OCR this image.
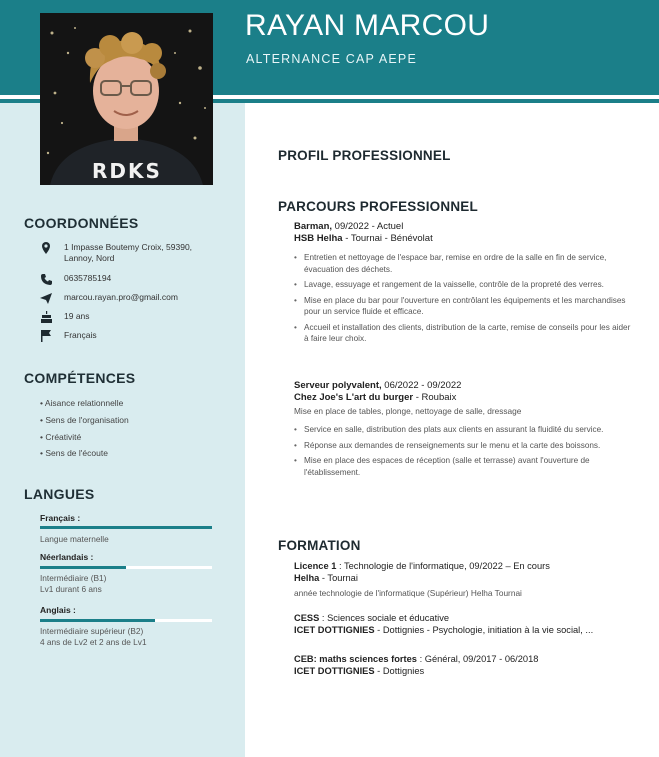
RAYAN MARCOU
ALTERNANCE CAP AEPE
RDKS
COORDONNÉES
1 Impasse Boutemy Croix, 59390,
Lannoy, Nord
0635785194
marcou.rayan.pro@gmail.com
19 ans
Français
COMPÉTENCES
• Aisance relationnelle
• Sens de l'organisation
• Créativité
• Sens de l'écoute
LANGUES
Français :
Langue maternelle
Néerlandais :
Intermédiaire (B1)
Lv1 durant 6 ans
Anglais :
Intermédiaire supérieur (B2)
4 ans de Lv2 et 2 ans de Lv1
PROFIL PROFESSIONNEL
PARCOURS PROFESSIONNEL
Barman, 09/2022 - Actuel
HSB Helha - Tournai - Bénévolat
• Entretien et nettoyage de l'espace bar, remise en ordre de la salle en fin de service, évacuation des déchets.
• Lavage, essuyage et rangement de la vaisselle, contrôle de la propreté des verres.
• Mise en place du bar pour l'ouverture en contrôlant les équipements et les marchandises pour un service fluide et efficace.
• Accueil et installation des clients, distribution de la carte, remise de conseils pour les aider à faire leur choix.
Serveur polyvalent, 06/2022 - 09/2022
Chez Joe's L'art du burger - Roubaix
Mise en place de tables, plonge, nettoyage de salle, dressage
• Service en salle, distribution des plats aux clients en assurant la fluidité du service.
• Réponse aux demandes de renseignements sur le menu et la carte des boissons.
• Mise en place des espaces de réception (salle et terrasse) avant l'ouverture de l'établissement.
FORMATION
Licence 1 : Technologie de l'informatique, 09/2022 – En cours
Helha - Tournai
année technologie de l'informatique (Supérieur) Helha Tournai
CESS : Sciences sociale et éducative
ICET DOTTIGNIES - Dottignies - Psychologie, initiation à la vie social, ...
CEB: maths sciences fortes : Général, 09/2017 - 06/2018
ICET DOTTIGNIES - Dottignies
